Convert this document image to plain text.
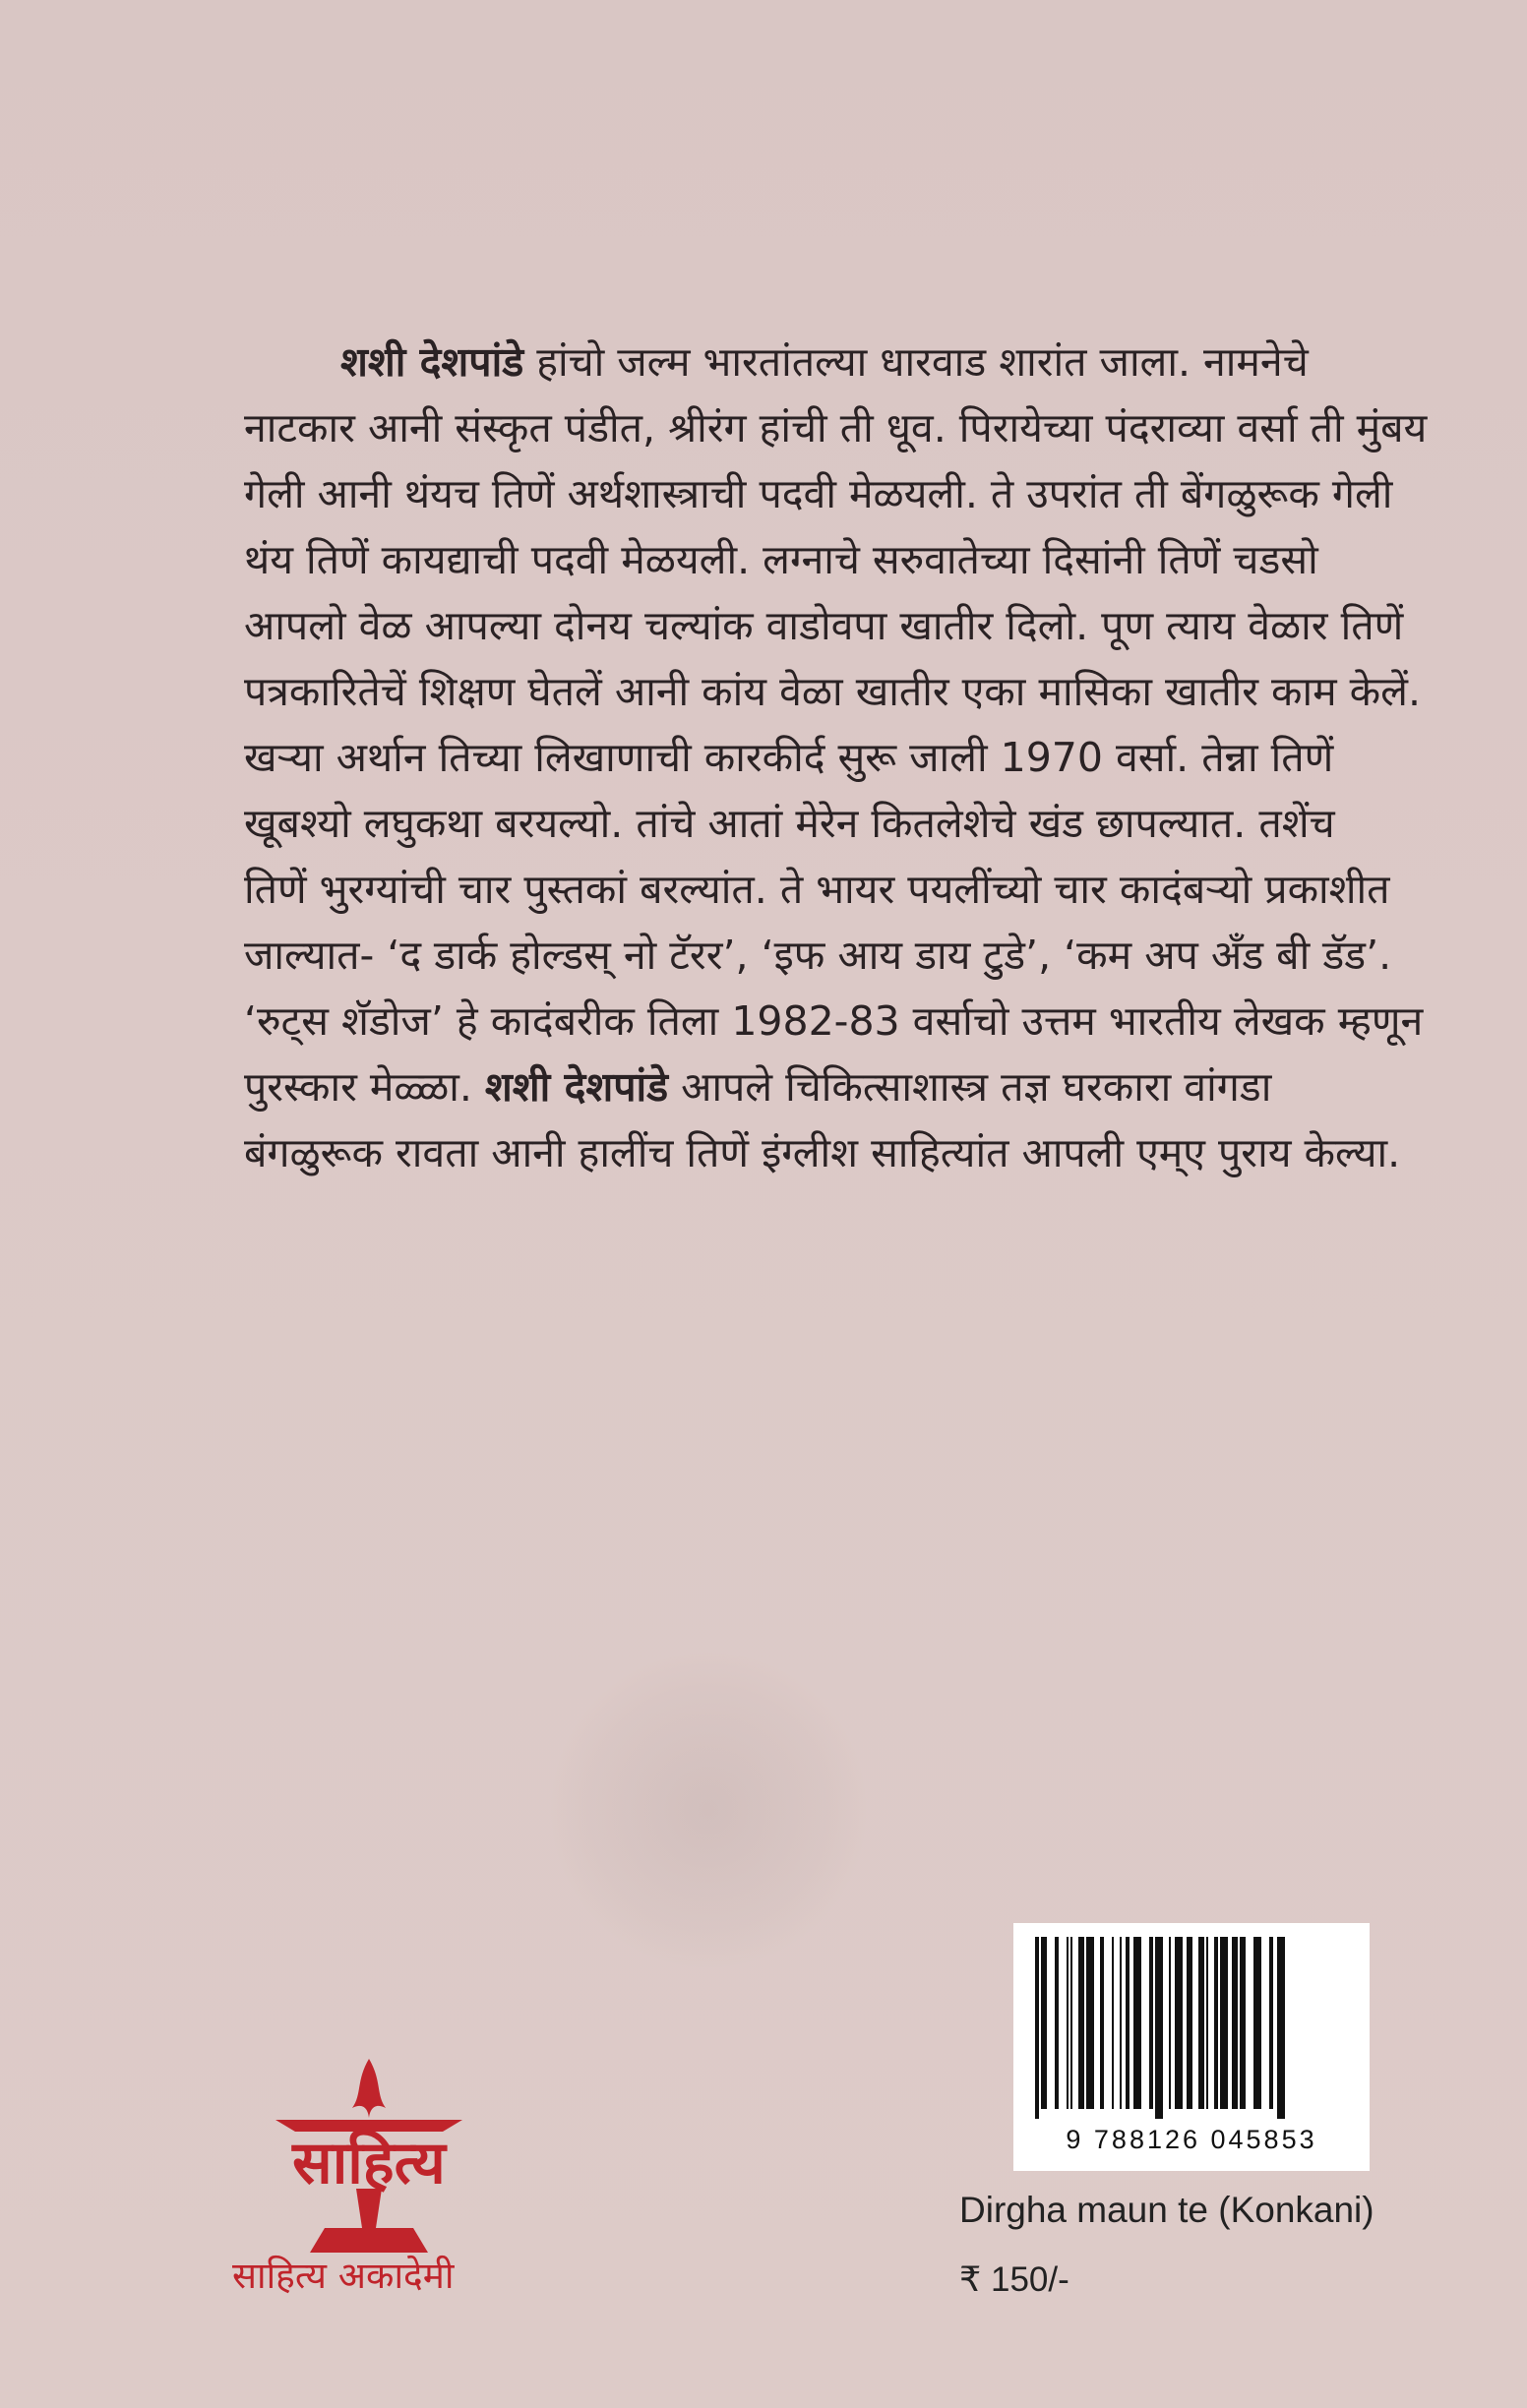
शशी देशपांडे हांचो जल्म भारतांतल्या धारवाड शारांत जाला. नामनेचे
नाटकार आनी संस्कृत पंडीत, श्रीरंग हांची ती धूव. पिरायेच्या पंदराव्या वर्सा ती मुंबय
गेली आनी थंयच तिणें अर्थशास्त्राची पदवी मेळयली. ते उपरांत ती बेंगळुरूक गेली
थंय तिणें कायद्याची पदवी मेळयली. लग्नाचे सरुवातेच्या दिसांनी तिणें चडसो
आपलो वेळ आपल्या दोनय चल्यांक वाडोवपा खातीर दिलो. पूण त्याय वेळार तिणें
पत्रकारितेचें शिक्षण घेतलें आनी कांय वेळा खातीर एका मासिका खातीर काम केलें.
खऱ्या अर्थान तिच्या लिखाणाची कारकीर्द सुरू जाली 1970 वर्सा. तेन्ना तिणें
खूबश्यो लघुकथा बरयल्यो. तांचे आतां मेरेन कितलेशेचे खंड छापल्यात. तशेंच
तिणें भुरग्यांची चार पुस्तकां बरल्यांत. ते भायर पयलींच्यो चार कादंबऱ्यो प्रकाशीत
जाल्यात- ‘द डार्क होल्डस् नो टॅरर’, ‘इफ आय डाय टुडे’, ‘कम अप अँड बी डॅड’.
‘रुट्स शॅडोज’ हे कादंबरीक तिला 1982-83 वर्साचो उत्तम भारतीय लेखक म्हणून
पुरस्कार मेळ्ळा. शशी देशपांडे आपले चिकित्साशास्त्र तज्ञ घरकारा वांगडा
बंगळुरूक रावता आनी हालींच तिणें इंग्लीश साहित्यांत आपली एम्‌ए पुराय केल्या.
9 788126 045853
Dirgha maun te (Konkani)
₹ 150/-
साहित्य
साहित्य अकादेमी
